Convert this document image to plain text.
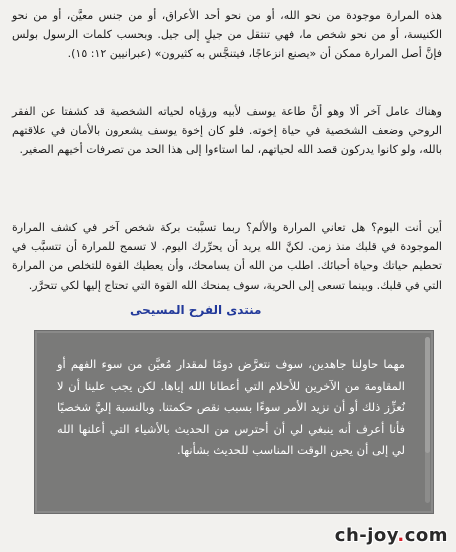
هذه المرارة موجودة من نحو الله، أو من نحو أحد الأعراق، أو من جنس معيَّن، أو من نحو الكنيسة، أو من نحو شخص ما، فهي تنتقل من جيلٍ إلى جيل. وبحسب كلمات الرسول بولس فإنَّ أصل المرارة ممكن أن «يصنع انزعاجًا، فيتنجَّس به كثيرون» (عبرانيين ١٢: ١٥).

وهناك عامل آخر ألا وهو أنَّ طاعة يوسف لأبيه ورؤياه لحياته الشخصية قد كشفتا عن الفقر الروحي وضعف الشخصية في حياة إخوته. فلو كان إخوة يوسف يشعرون بالأمان في علاقتهم بالله، ولو كانوا يدركون قصد الله لحياتهم، لما استاءوا إلى هذا الحد من تصرفات أخيهم الصغير.

أين أنت اليوم؟ هل تعاني المرارة والألم؟ ربما تسبَّبت بركة شخص آخر في كشف المرارة الموجودة في قلبك منذ زمن. لكنَّ الله يريد أن يحرِّرك اليوم. لا تسمح للمرارة أن تتسبَّب في تحطيم حياتك وحياة أحبائك. اطلب من الله أن يسامحك، وأن يعطيك القوة للتخلص من المرارة التي في قلبك. وبينما تسعى إلى الحرية، سوف يمنحك الله القوة التي تحتاج إليها لكي تتحرَّر.

منتدى الفرح المسيحى

مهما حاولنا جاهدين، سوف نتعرَّض دومًا لمقدار مُعيَّن من سوء الفهم أو المقاومة من الآخرين للأحلام التي أعطانا الله إياها. لكن يجب علينا أن لا نُعزِّز ذلك أو أن نزيد الأمر سوءًا بسبب نقص حكمتنا. وبالنسبة إليَّ شخصيًا فأنا أعرف أنه ينبغي لي أن أحترس من الحديث بالأشياء التي أعلنها الله لي إلى أن يحين الوقت المناسب للحديث بشأنها.

ch-joy.com
